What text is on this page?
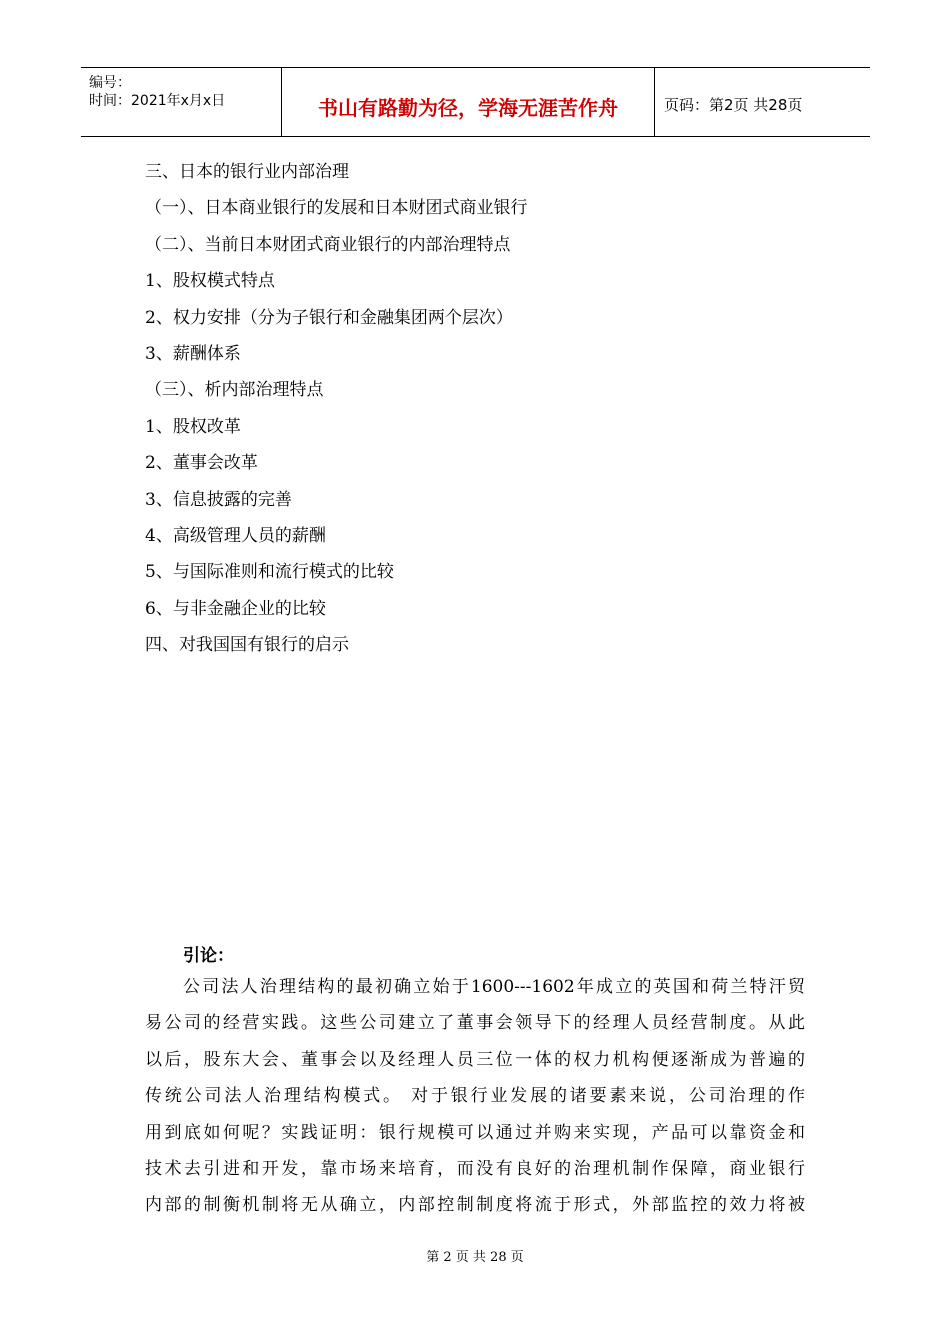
编号：
时间：2021年x月x日	书山有路勤为径，学海无涯苦作舟	页码：第2页 共28页
三、日本的银行业内部治理
（一）、日本商业银行的发展和日本财团式商业银行
（二）、当前日本财团式商业银行的内部治理特点
1、股权模式特点
2、权力安排（分为子银行和金融集团两个层次）
3、薪酬体系
（三）、析内部治理特点
1、股权改革
2、董事会改革
3、信息披露的完善
4、高级管理人员的薪酬
5、与国际准则和流行模式的比较
6、与非金融企业的比较
四、对我国国有银行的启示
引论：
公司法人治理结构的最初确立始于1600---1602年成立的英国和荷兰特汗贸
易公司的经营实践。这些公司建立了董事会领导下的经理人员经营制度。从此
以后，股东大会、董事会以及经理人员三位一体的权力机构便逐渐成为普遍的
传统公司法人治理结构模式。 对于银行业发展的诸要素来说，公司治理的作
用到底如何呢？实践证明：银行规模可以通过并购来实现，产品可以靠资金和
技术去引进和开发，靠市场来培育，而没有良好的治理机制作保障，商业银行
内部的制衡机制将无从确立，内部控制制度将流于形式，外部监控的效力将被
第 2 页 共 28 页
